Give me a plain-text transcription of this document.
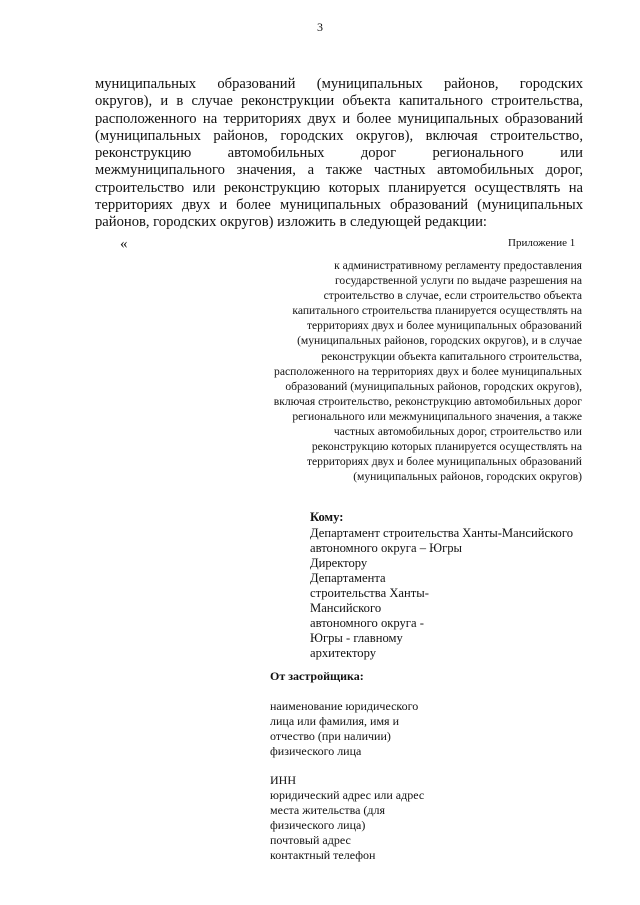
3
муниципальных образований (муниципальных районов, городских
округов), и в случае реконструкции объекта капитального строительства,
расположенного на территориях двух и более муниципальных образований
(муниципальных районов, городских округов), включая строительство,
реконструкцию автомобильных дорог регионального или
межмуниципального значения, а также частных автомобильных дорог,
строительство или реконструкцию которых планируется осуществлять на
территориях двух и более муниципальных образований (муниципальных
районов, городских округов) изложить в следующей редакции:
«	Приложение 1
к административному регламенту предоставления
государственной услуги по выдаче разрешения на
строительство в случае, если строительство объекта
капитального строительства планируется осуществлять на
территориях двух и более муниципальных образований
(муниципальных районов, городских округов), и в случае
реконструкции объекта капитального строительства,
расположенного на территориях двух и более муниципальных
образований (муниципальных районов, городских округов),
включая строительство, реконструкцию автомобильных дорог
регионального или межмуниципального значения, а также
частных автомобильных дорог, строительство или
реконструкцию которых планируется осуществлять на
территориях двух и более муниципальных образований
(муниципальных районов, городских округов)
Кому:
Департамент строительства Ханты-Мансийского
автономного округа – Югры
Директору
Департамента
строительства Ханты-
Мансийского
автономного округа -
Югры - главному
архитектору
От застройщика:
наименование юридического
лица или фамилия, имя и
отчество (при наличии)
физического лица
ИНН
юридический адрес или адрес
места жительства (для
физического лица)
почтовый адрес
контактный телефон
